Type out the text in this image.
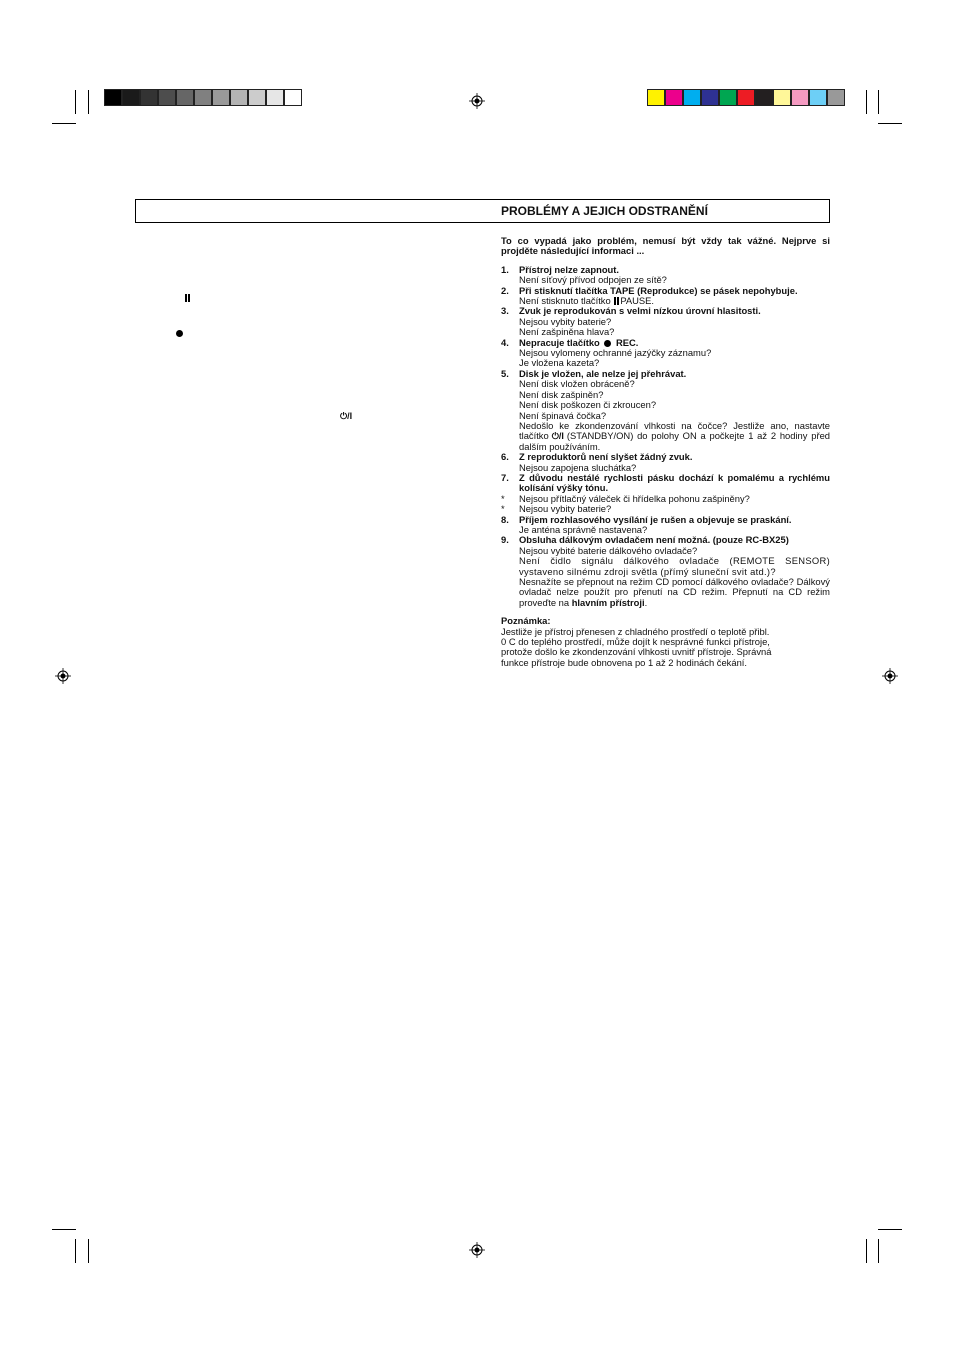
⏻/I
PROBLÉMY A JEJICH ODSTRANĚNÍ
To co vypadá jako problém, nemusí být vždy tak vážné. Nejprve si projděte následující informaci ...
1. Přístroj nelze zapnout.
Není síťový přívod odpojen ze sítě?
2. Při stisknutí tlačítka TAPE (Reprodukce) se pásek nepohybuje.
Není stisknuto tlačítko PAUSE.
3. Zvuk je reprodukován s velmi nízkou úrovní hlasitosti.
Nejsou vybity baterie?
Není zašpiněna hlava?
4. Nepracuje tlačítko REC.
Nejsou vylomeny ochranné jazýčky záznamu?
Je vložena kazeta?
5. Disk je vložen, ale nelze jej přehrávat.
Není disk vložen obráceně?
Není disk zašpiněn?
Není disk poškozen či zkroucen?
Není špinavá čočka?
Nedošlo ke zkondenzování vlhkosti na čočce? Jestliže ano, nastavte tlačítko ⏻/I (STANDBY/ON) do polohy ON a počkejte 1 až 2 hodiny před dalším používáním.
6. Z reproduktorů není slyšet žádný zvuk.
Nejsou zapojena sluchátka?
7. Z důvodu nestálé rychlosti pásku dochází k pomalému a rychlému kolísání výšky tónu.
* Nejsou přítlačný váleček či hřídelka pohonu zašpiněny?
* Nejsou vybity baterie?
8. Příjem rozhlasového vysílání je rušen a objevuje se praskání.
Je anténa správně nastavena?
9. Obsluha dálkovým ovladačem není možná. (pouze RC-BX25)
Nejsou vybité baterie dálkového ovladače?
Není čidlo signálu dálkového ovladače (REMOTE SENSOR) vystaveno silnému zdroji světla (přímý sluneční svit atd.)?
Nesnažíte se přepnout na režim CD pomocí dálkového ovladače? Dálkový ovladač nelze použít pro přenutí na CD režim. Přepnutí na CD režim proveďte na hlavním přístroji.
Poznámka:
Jestliže je přístroj přenesen z chladného prostředí o teplotě přibl.
0 C do teplého prostředí, může dojít k nesprávné funkci přístroje,
protože došlo ke zkondenzování vlhkosti uvnitř přístroje. Správná
funkce přístroje bude obnovena po 1 až 2 hodinách čekání.
